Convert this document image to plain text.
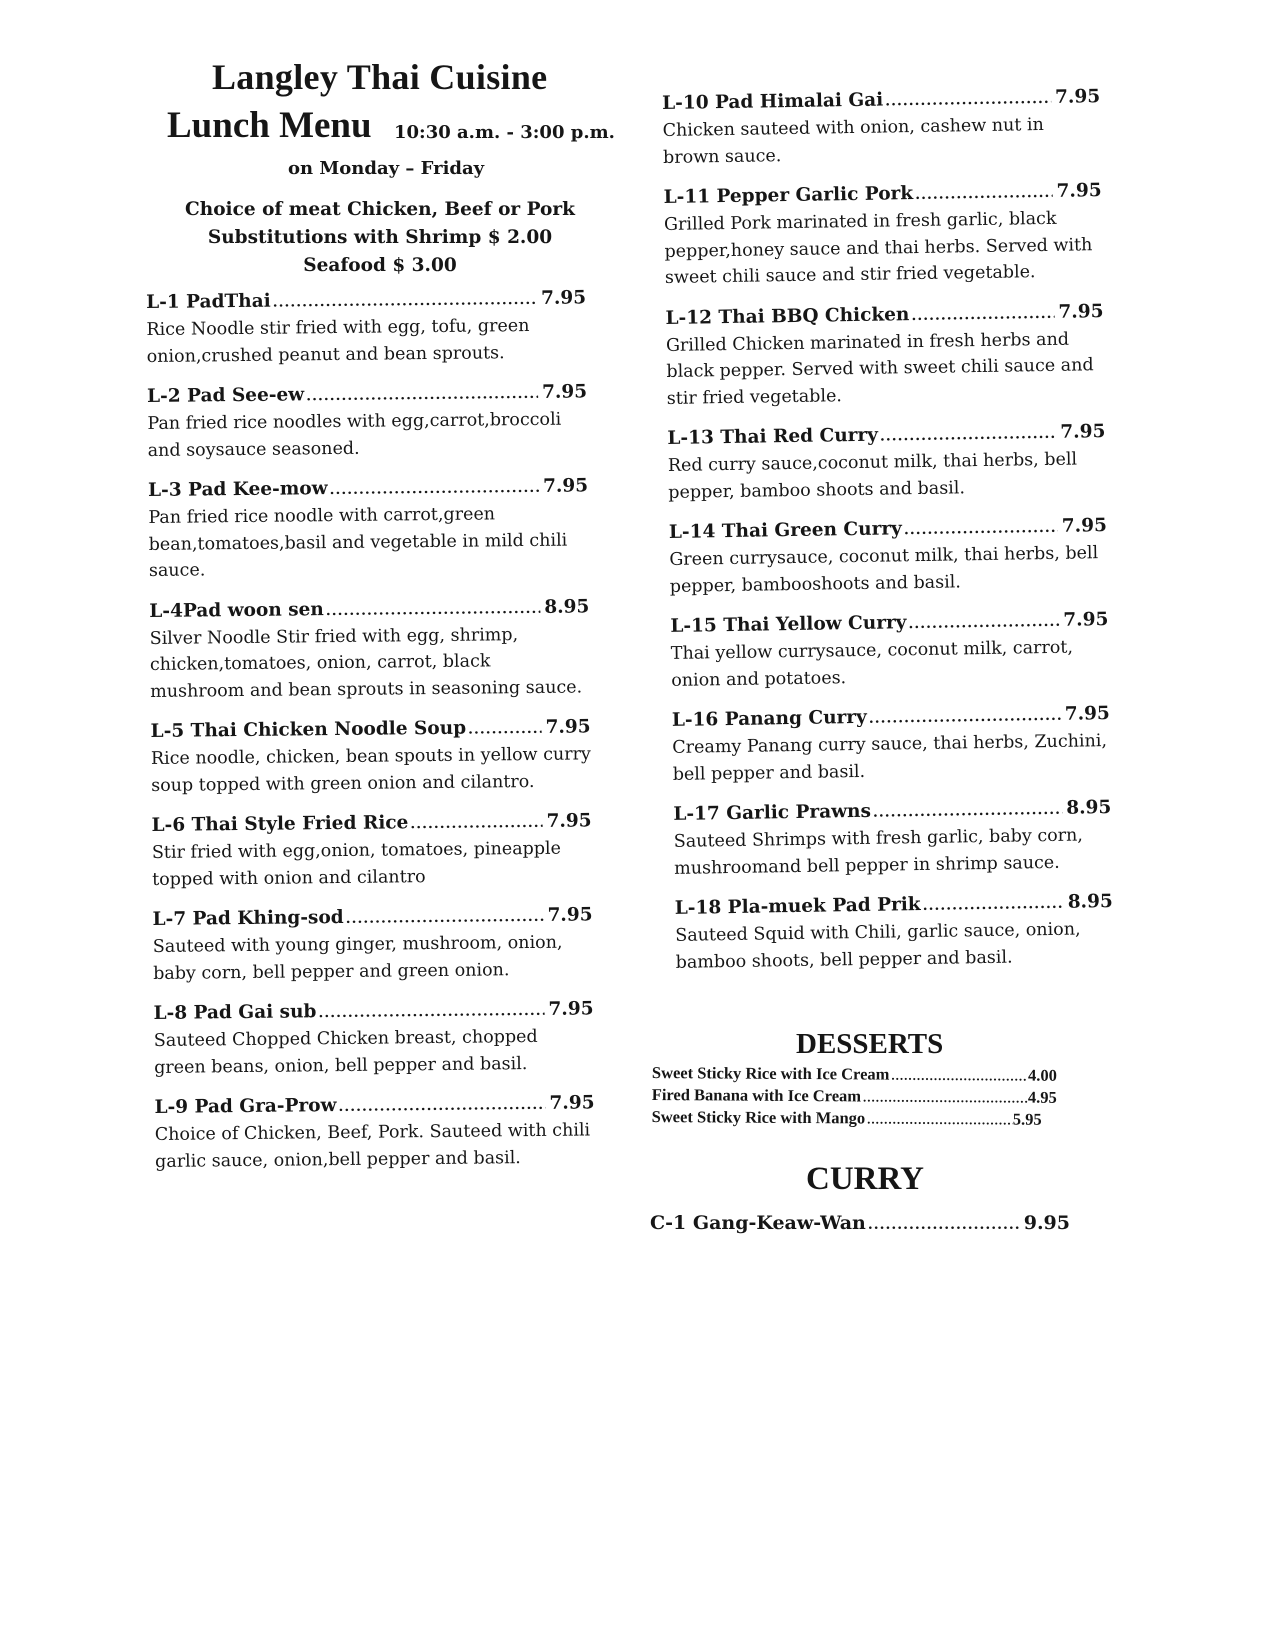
Langley Thai Cuisine
Lunch Menu 10:30 a.m. - 3:00 p.m.
on Monday – Friday
Choice of meat Chicken, Beef or Pork
Substitutions with Shrimp $ 2.00
Seafood $ 3.00
L-1 PadThai .....	7.95
Rice Noodle stir fried with egg, tofu, green onion,crushed peanut and bean sprouts.
L-2 Pad See-ew .....	7.95
Pan fried rice noodles with egg,carrot,broccoli and soysauce seasoned.
L-3 Pad Kee-mow .....	7.95
Pan fried rice noodle with carrot,green bean,tomatoes,basil and vegetable in mild chili sauce.
L-4Pad woon sen .....	8.95
Silver Noodle Stir fried with egg, shrimp, chicken,tomatoes, onion, carrot, black mushroom and bean sprouts in seasoning sauce.
L-5 Thai Chicken Noodle Soup .....	7.95
Rice noodle, chicken, bean spouts in yellow curry soup topped with green onion and cilantro.
L-6 Thai Style Fried Rice .....	7.95
Stir fried with egg,onion, tomatoes, pineapple topped with onion and cilantro
L-7 Pad Khing-sod .....	7.95
Sauteed with young ginger, mushroom, onion, baby corn, bell pepper and green onion.
L-8 Pad Gai sub .....	7.95
Sauteed Chopped Chicken breast, chopped green beans, onion, bell pepper and basil.
L-9 Pad Gra-Prow .....	7.95
Choice of Chicken, Beef, Pork. Sauteed with chili garlic sauce, onion,bell pepper and basil.
L-10 Pad Himalai Gai .....	7.95
Chicken sauteed with onion, cashew nut in brown sauce.
L-11 Pepper Garlic Pork .....	7.95
Grilled Pork marinated in fresh garlic, black pepper,honey sauce and thai herbs. Served with sweet chili sauce and stir fried vegetable.
L-12 Thai BBQ Chicken .....	7.95
Grilled Chicken marinated in fresh herbs and black pepper. Served with sweet chili sauce and stir fried vegetable.
L-13 Thai Red Curry .....	7.95
Red curry sauce,coconut milk, thai herbs, bell pepper, bamboo shoots and basil.
L-14 Thai Green Curry .....	7.95
Green currysauce, coconut milk, thai herbs, bell pepper, bambooshoots and basil.
L-15 Thai Yellow Curry .....	7.95
Thai yellow currysauce, coconut milk, carrot, onion and potatoes.
L-16 Panang Curry .....	7.95
Creamy Panang curry sauce, thai herbs, Zuchini, bell pepper and basil.
L-17 Garlic Prawns .....	8.95
Sauteed Shrimps with fresh garlic, baby corn, mushroomand bell pepper in shrimp sauce.
L-18 Pla-muek Pad Prik .....	8.95
Sauteed Squid with Chili, garlic sauce, onion, bamboo shoots, bell pepper and basil.
DESSERTS
Sweet Sticky Rice with Ice Cream .....	4.00
Fired Banana with Ice Cream .....	4.95
Sweet Sticky Rice with Mango .....	5.95
CURRY
C-1 Gang-Keaw-Wan .....	9.95
